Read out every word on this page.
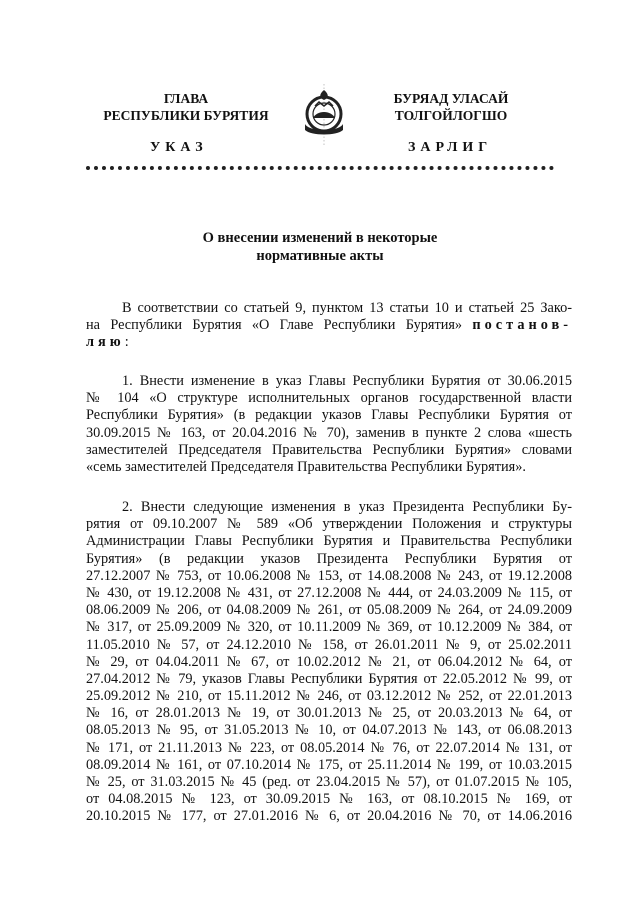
ГЛАВА
РЕСПУБЛИКИ БУРЯТИЯ
БУРЯАД УЛАСАЙ
ТОЛГОЙЛОГШО
УКАЗ	ЗАРЛИГ
О внесении изменений в некоторые
нормативные акты
В соответствии со статьей 9, пунктом 13 статьи 10 и статьей 25 Зако-
на Республики Бурятия «О Главе Республики Бурятия» постанов-
ляю:
1. Внести изменение в указ Главы Республики Бурятия от 30.06.2015
№ 104 «О структуре исполнительных органов государственной власти
Республики Бурятия» (в редакции указов Главы Республики Бурятия от
30.09.2015 № 163, от 20.04.2016 № 70), заменив в пункте 2 слова «шесть
заместителей Председателя Правительства Республики Бурятия» словами
«семь заместителей Председателя Правительства Республики Бурятия».
2. Внести следующие изменения в указ Президента Республики Бу-
рятия от 09.10.2007 № 589 «Об утверждении Положения и структуры
Администрации Главы Республики Бурятия и Правительства Республики
Бурятия» (в редакции указов Президента Республики Бурятия от
27.12.2007 № 753, от 10.06.2008 № 153, от 14.08.2008 № 243, от 19.12.2008
№ 430, от 19.12.2008 № 431, от 27.12.2008 № 444, от 24.03.2009 № 115, от
08.06.2009 № 206, от 04.08.2009 № 261, от 05.08.2009 № 264, от 24.09.2009
№ 317, от 25.09.2009 № 320, от 10.11.2009 № 369, от 10.12.2009 № 384, от
11.05.2010 № 57, от 24.12.2010 № 158, от 26.01.2011 № 9, от 25.02.2011
№ 29, от 04.04.2011 № 67, от 10.02.2012 № 21, от 06.04.2012 № 64, от
27.04.2012 № 79, указов Главы Республики Бурятия от 22.05.2012 № 99, от
25.09.2012 № 210, от 15.11.2012 № 246, от 03.12.2012 № 252, от 22.01.2013
№ 16, от 28.01.2013 № 19, от 30.01.2013 № 25, от 20.03.2013 № 64, от
08.05.2013 № 95, от 31.05.2013 № 10, от 04.07.2013 № 143, от 06.08.2013
№ 171, от 21.11.2013 № 223, от 08.05.2014 № 76, от 22.07.2014 № 131, от
08.09.2014 № 161, от 07.10.2014 № 175, от 25.11.2014 № 199, от 10.03.2015
№ 25, от 31.03.2015 № 45 (ред. от 23.04.2015 № 57), от 01.07.2015 № 105,
от 04.08.2015 № 123, от 30.09.2015 № 163, от 08.10.2015 № 169, от
20.10.2015 № 177, от 27.01.2016 № 6, от 20.04.2016 № 70, от 14.06.2016
